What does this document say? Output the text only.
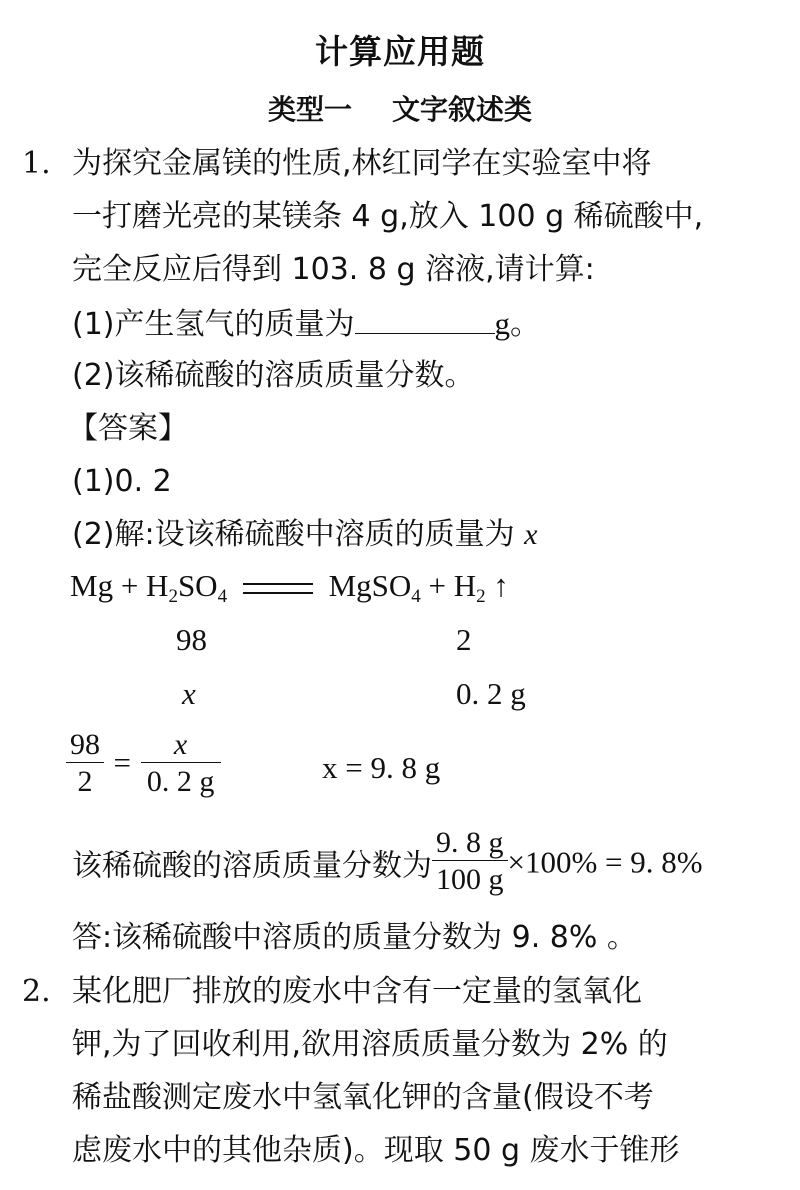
计算应用题
类型一 文字叙述类
1. 为探究金属镁的性质,林红同学在实验室中将
一打磨光亮的某镁条 4 g,放入 100 g 稀硫酸中,
完全反应后得到 103. 8 g 溶液,请计算:
(1)产生氢气的质量为	g。
(2)该稀硫酸的溶质质量分数。
【答案】
(1)0. 2
(2)解:设该稀硫酸中溶质的质量为 x
$Mg + H_2SO_4$	MgSO$_4$ + $H_2$ ↑
98	2
x	0. 2 g
$\frac{98}{2} = \frac{x}{0. 2 g}$	x = 9. 8 g
该稀硫酸的溶质质量分数为 $\frac{9. 8 g}{100 g} \times 100\% = 9$. 8%
答:该稀硫酸中溶质的质量分数为 9. 8% 。
2. 某化肥厂排放的废水中含有一定量的氢氧化
钾,为了回收利用,欲用溶质质量分数为 2% 的
稀盐酸测定废水中氢氧化钾的含量(假设不考
虑废水中的其他杂质)。现取 50 g 废水于锥形
